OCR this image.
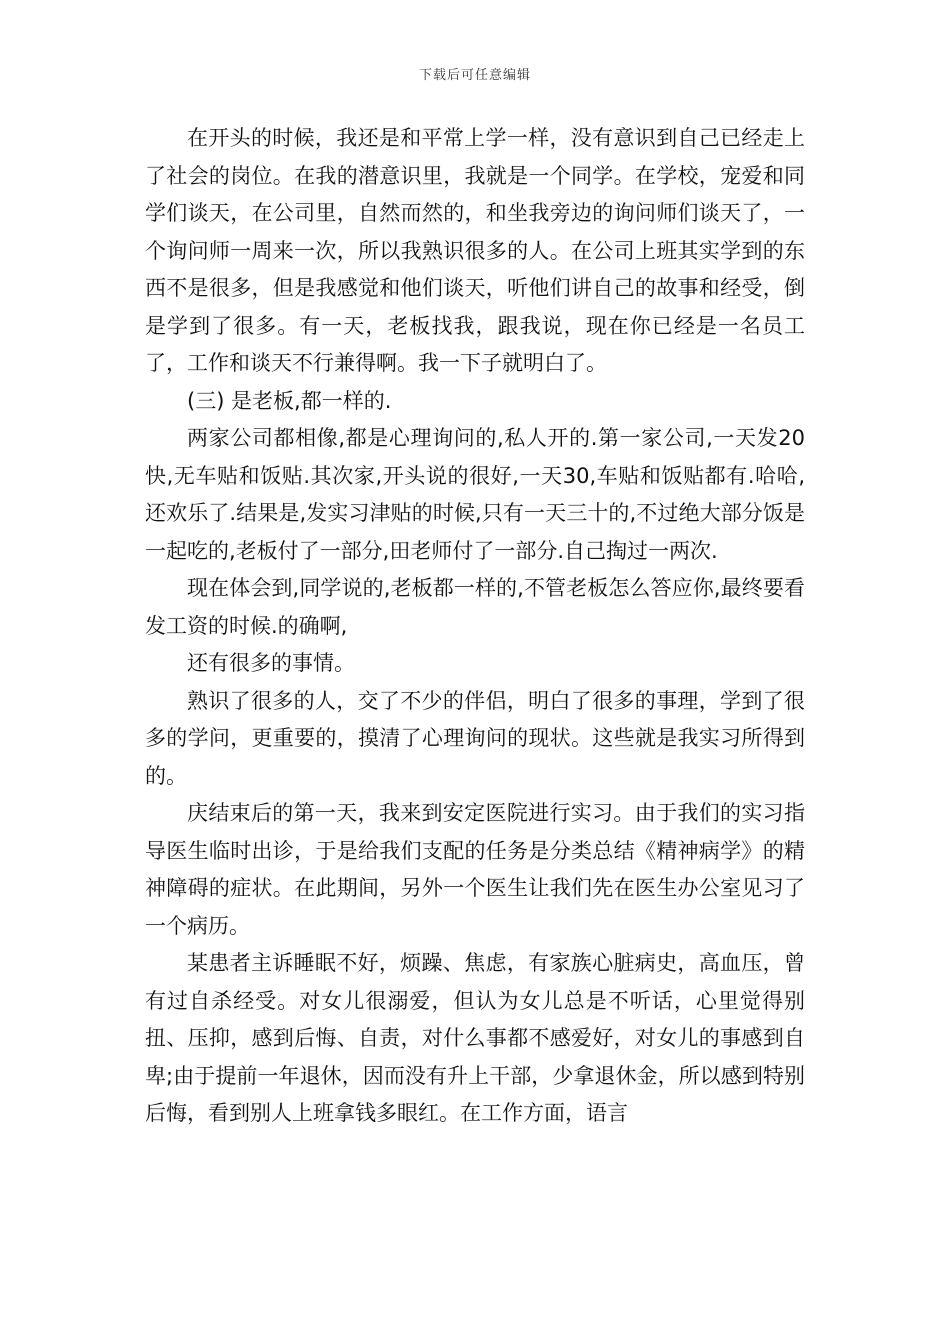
下载后可任意编辑

在开头的时候，我还是和平常上学一样，没有意识到自己已经走上了社会的岗位。在我的潜意识里，我就是一个同学。在学校，宠爱和同学们谈天，在公司里，自然而然的，和坐我旁边的询问师们谈天了，一个询问师一周来一次，所以我熟识很多的人。在公司上班其实学到的东西不是很多，但是我感觉和他们谈天，听他们讲自己的故事和经受，倒是学到了很多。有一天，老板找我，跟我说，现在你已经是一名员工了，工作和谈天不行兼得啊。我一下子就明白了。

(三) 是老板,都一样的.

两家公司都相像,都是心理询问的,私人开的.第一家公司,一天发20快,无车贴和饭贴.其次家,开头说的很好,一天30,车贴和饭贴都有.哈哈,还欢乐了.结果是,发实习津贴的时候,只有一天三十的,不过绝大部分饭是一起吃的,老板付了一部分,田老师付了一部分.自己掏过一两次.

现在体会到,同学说的,老板都一样的,不管老板怎么答应你,最终要看发工资的时候.的确啊,

还有很多的事情。

熟识了很多的人，交了不少的伴侣，明白了很多的事理，学到了很多的学问，更重要的，摸清了心理询问的现状。这些就是我实习所得到的。

庆结束后的第一天，我来到安定医院进行实习。由于我们的实习指导医生临时出诊，于是给我们支配的任务是分类总结《精神病学》的精神障碍的症状。在此期间，另外一个医生让我们先在医生办公室见习了一个病历。

某患者主诉睡眠不好，烦躁、焦虑，有家族心脏病史，高血压，曾有过自杀经受。对女儿很溺爱，但认为女儿总是不听话，心里觉得别扭、压抑，感到后悔、自责，对什么事都不感爱好，对女儿的事感到自卑;由于提前一年退休，因而没有升上干部，少拿退休金，所以感到特别后悔，看到别人上班拿钱多眼红。在工作方面，语言
